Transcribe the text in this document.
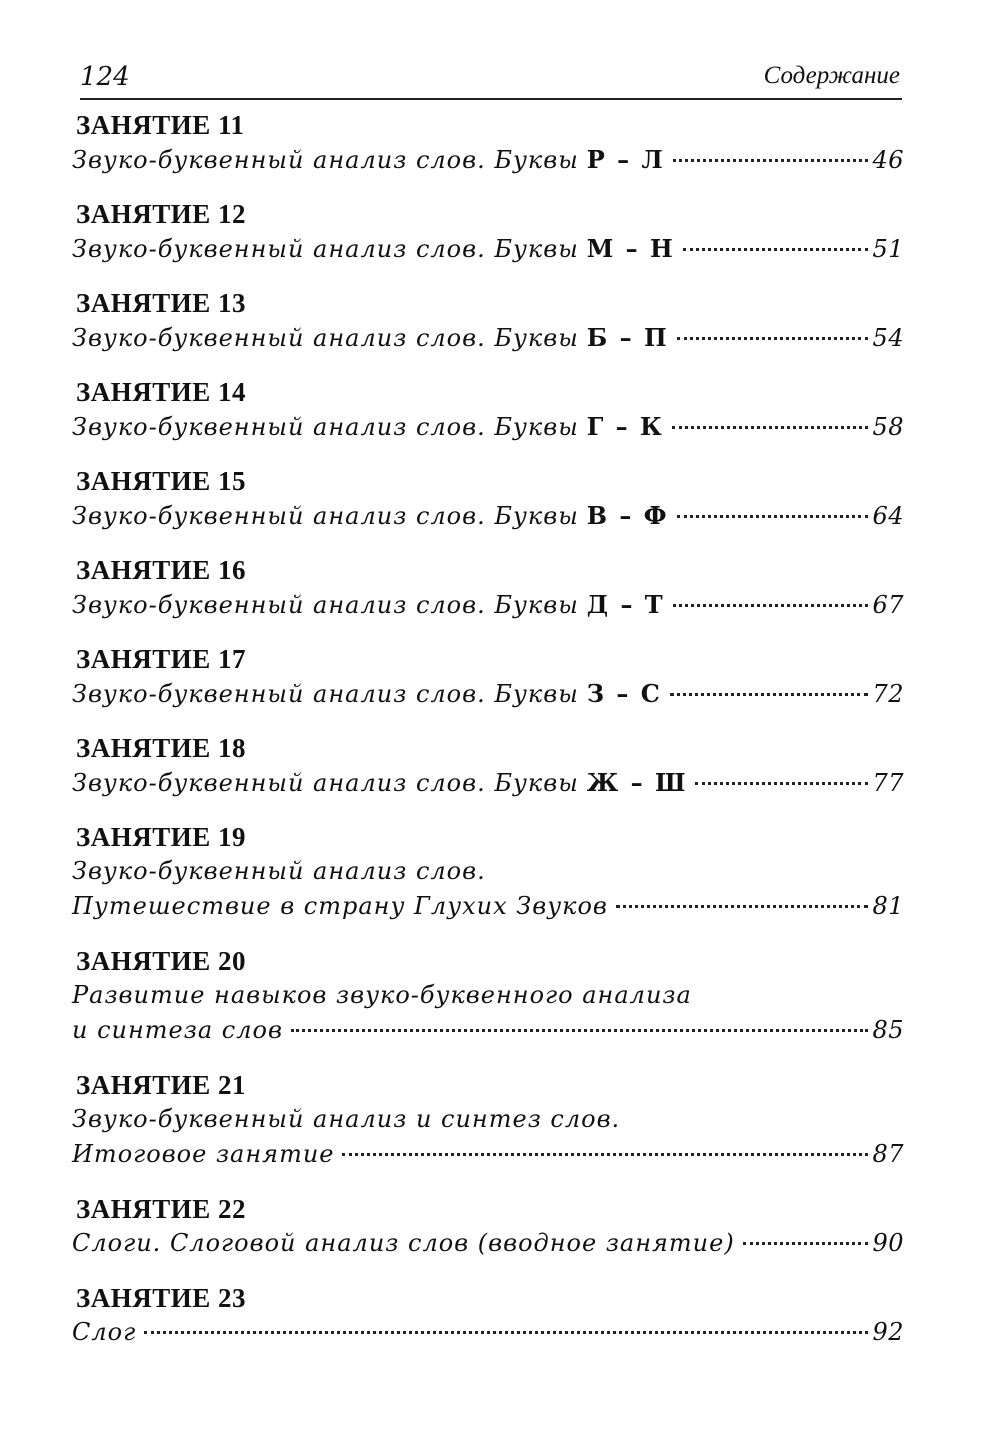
124	Содержание
ЗАНЯТИЕ 11
Звуко-буквенный анализ слов. Буквы Р – Л	46
ЗАНЯТИЕ 12
Звуко-буквенный анализ слов. Буквы М – Н	51
ЗАНЯТИЕ 13
Звуко-буквенный анализ слов. Буквы Б – П	54
ЗАНЯТИЕ 14
Звуко-буквенный анализ слов. Буквы Г – К	58
ЗАНЯТИЕ 15
Звуко-буквенный анализ слов. Буквы В – Ф	64
ЗАНЯТИЕ 16
Звуко-буквенный анализ слов. Буквы Д – Т	67
ЗАНЯТИЕ 17
Звуко-буквенный анализ слов. Буквы З – С	72
ЗАНЯТИЕ 18
Звуко-буквенный анализ слов. Буквы Ж – Ш	77
ЗАНЯТИЕ 19
Звуко-буквенный анализ слов.
Путешествие в страну Глухих Звуков	81
ЗАНЯТИЕ 20
Развитие навыков звуко-буквенного анализа
и синтеза слов	85
ЗАНЯТИЕ 21
Звуко-буквенный анализ и синтез слов.
Итоговое занятие	87
ЗАНЯТИЕ 22
Слоги. Слоговой анализ слов (вводное занятие)	90
ЗАНЯТИЕ 23
Слог	92
